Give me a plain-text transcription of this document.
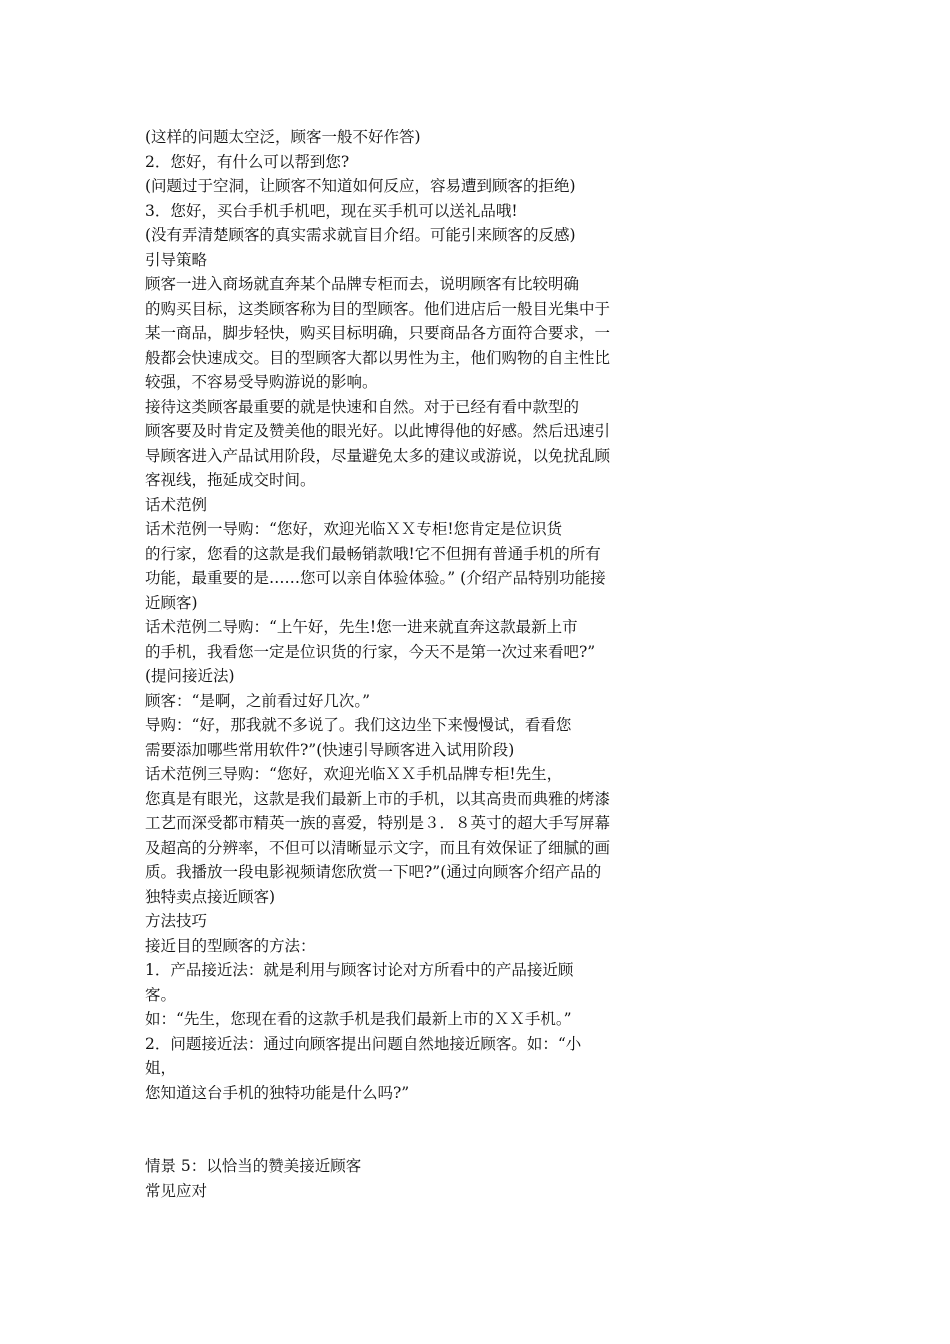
(这样的问题太空泛，顾客一般不好作答)
2．您好，有什么可以帮到您?
(问题过于空洞，让顾客不知道如何反应，容易遭到顾客的拒绝)
3．您好，买台手机手机吧，现在买手机可以送礼品哦!
(没有弄清楚顾客的真实需求就盲目介绍。可能引来顾客的反感)
引导策略
顾客一进入商场就直奔某个品牌专柜而去，说明顾客有比较明确
的购买目标，这类顾客称为目的型顾客。他们进店后一般目光集中于
某一商品，脚步轻快，购买目标明确，只要商品各方面符合要求，一
般都会快速成交。目的型顾客大都以男性为主，他们购物的自主性比
较强，不容易受导购游说的影响。
接待这类顾客最重要的就是快速和自然。对于已经有看中款型的
顾客要及时肯定及赞美他的眼光好。以此博得他的好感。然后迅速引
导顾客进入产品试用阶段，尽量避免太多的建议或游说，以免扰乱顾
客视线，拖延成交时间。
话术范例
话术范例一导购：“您好，欢迎光临ＸＸ专柜!您肯定是位识货
的行家，您看的这款是我们最畅销款哦!它不但拥有普通手机的所有
功能，最重要的是……您可以亲自体验体验。” (介绍产品特别功能接
近顾客)
话术范例二导购：“上午好，先生!您一进来就直奔这款最新上市
的手机，我看您一定是位识货的行家，今天不是第一次过来看吧?”
(提问接近法)
顾客：“是啊，之前看过好几次。”
导购：“好，那我就不多说了。我们这边坐下来慢慢试，看看您
需要添加哪些常用软件?”(快速引导顾客进入试用阶段)
话术范例三导购：“您好，欢迎光临ＸＸ手机品牌专柜!先生，
您真是有眼光，这款是我们最新上市的手机，以其高贵而典雅的烤漆
工艺而深受都市精英一族的喜爱，特别是３．８英寸的超大手写屏幕
及超高的分辨率，不但可以清晰显示文字，而且有效保证了细腻的画
质。我播放一段电影视频请您欣赏一下吧?”(通过向顾客介绍产品的
独特卖点接近顾客)
方法技巧
接近目的型顾客的方法：
1．产品接近法：就是利用与顾客讨论对方所看中的产品接近顾
客。
如：“先生，您现在看的这款手机是我们最新上市的ＸＸ手机。”
2．问题接近法：通过向顾客提出问题自然地接近顾客。如：“小
姐，
您知道这台手机的独特功能是什么吗?”
情景 5：以恰当的赞美接近顾客
常见应对
